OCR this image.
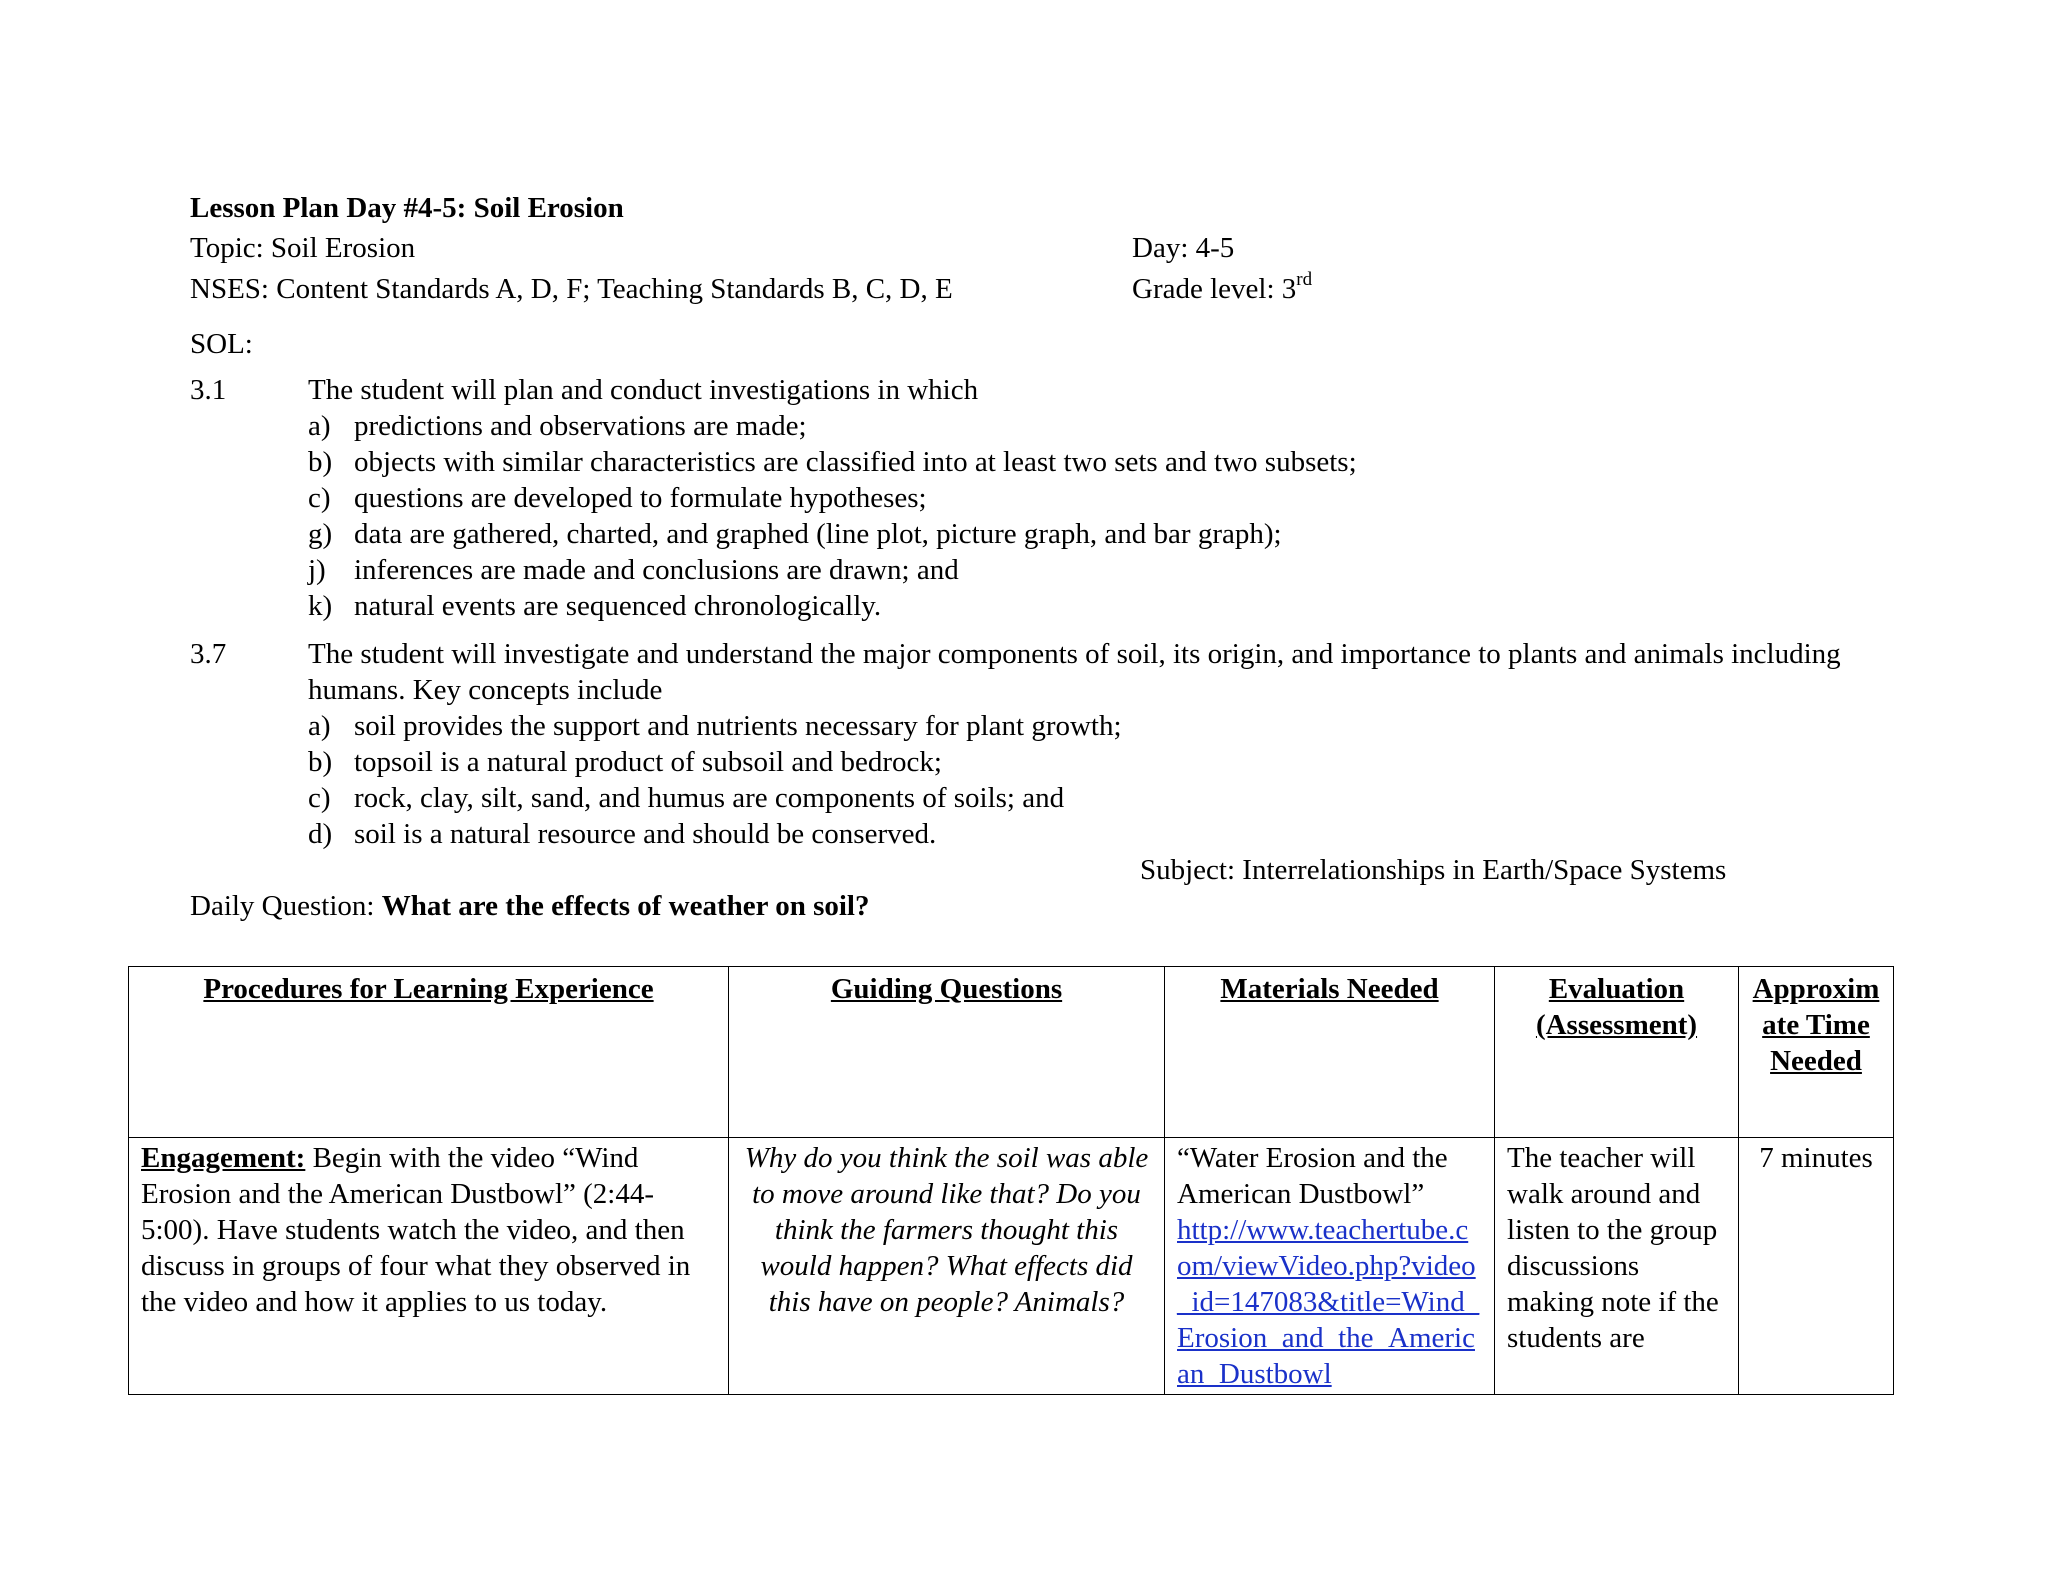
Lesson Plan Day #4-5: Soil Erosion
Topic: Soil Erosion	Day: 4-5
NSES: Content Standards A, D, F; Teaching Standards B, C, D, E	Grade level: 3rd
SOL:
3.1	The student will plan and conduct investigations in which
a) predictions and observations are made;
b) objects with similar characteristics are classified into at least two sets and two subsets;
c) questions are developed to formulate hypotheses;
g) data are gathered, charted, and graphed (line plot, picture graph, and bar graph);
j) inferences are made and conclusions are drawn; and
k) natural events are sequenced chronologically.
3.7	The student will investigate and understand the major components of soil, its origin, and importance to plants and animals including humans. Key concepts include
a) soil provides the support and nutrients necessary for plant growth;
b) topsoil is a natural product of subsoil and bedrock;
c) rock, clay, silt, sand, and humus are components of soils; and
d) soil is a natural resource and should be conserved.
Subject: Interrelationships in Earth/Space Systems
Daily Question: What are the effects of weather on soil?
Procedures for Learning Experience	Guiding Questions	Materials Needed	Evaluation (Assessment)	Approximate Time Needed
Engagement: Begin with the video “Wind Erosion and the American Dustbowl” (2:44-5:00). Have students watch the video, and then discuss in groups of four what they observed in the video and how it applies to us today.	Why do you think the soil was able to move around like that? Do you think the farmers thought this would happen? What effects did this have on people? Animals?	“Water Erosion and the American Dustbowl”
http://www.teachertube.com/viewVideo.php?video_id=147083&title=Wind_Erosion_and_the_American_Dustbowl	The teacher will walk around and listen to the group discussions making note if the students are	7 minutes
